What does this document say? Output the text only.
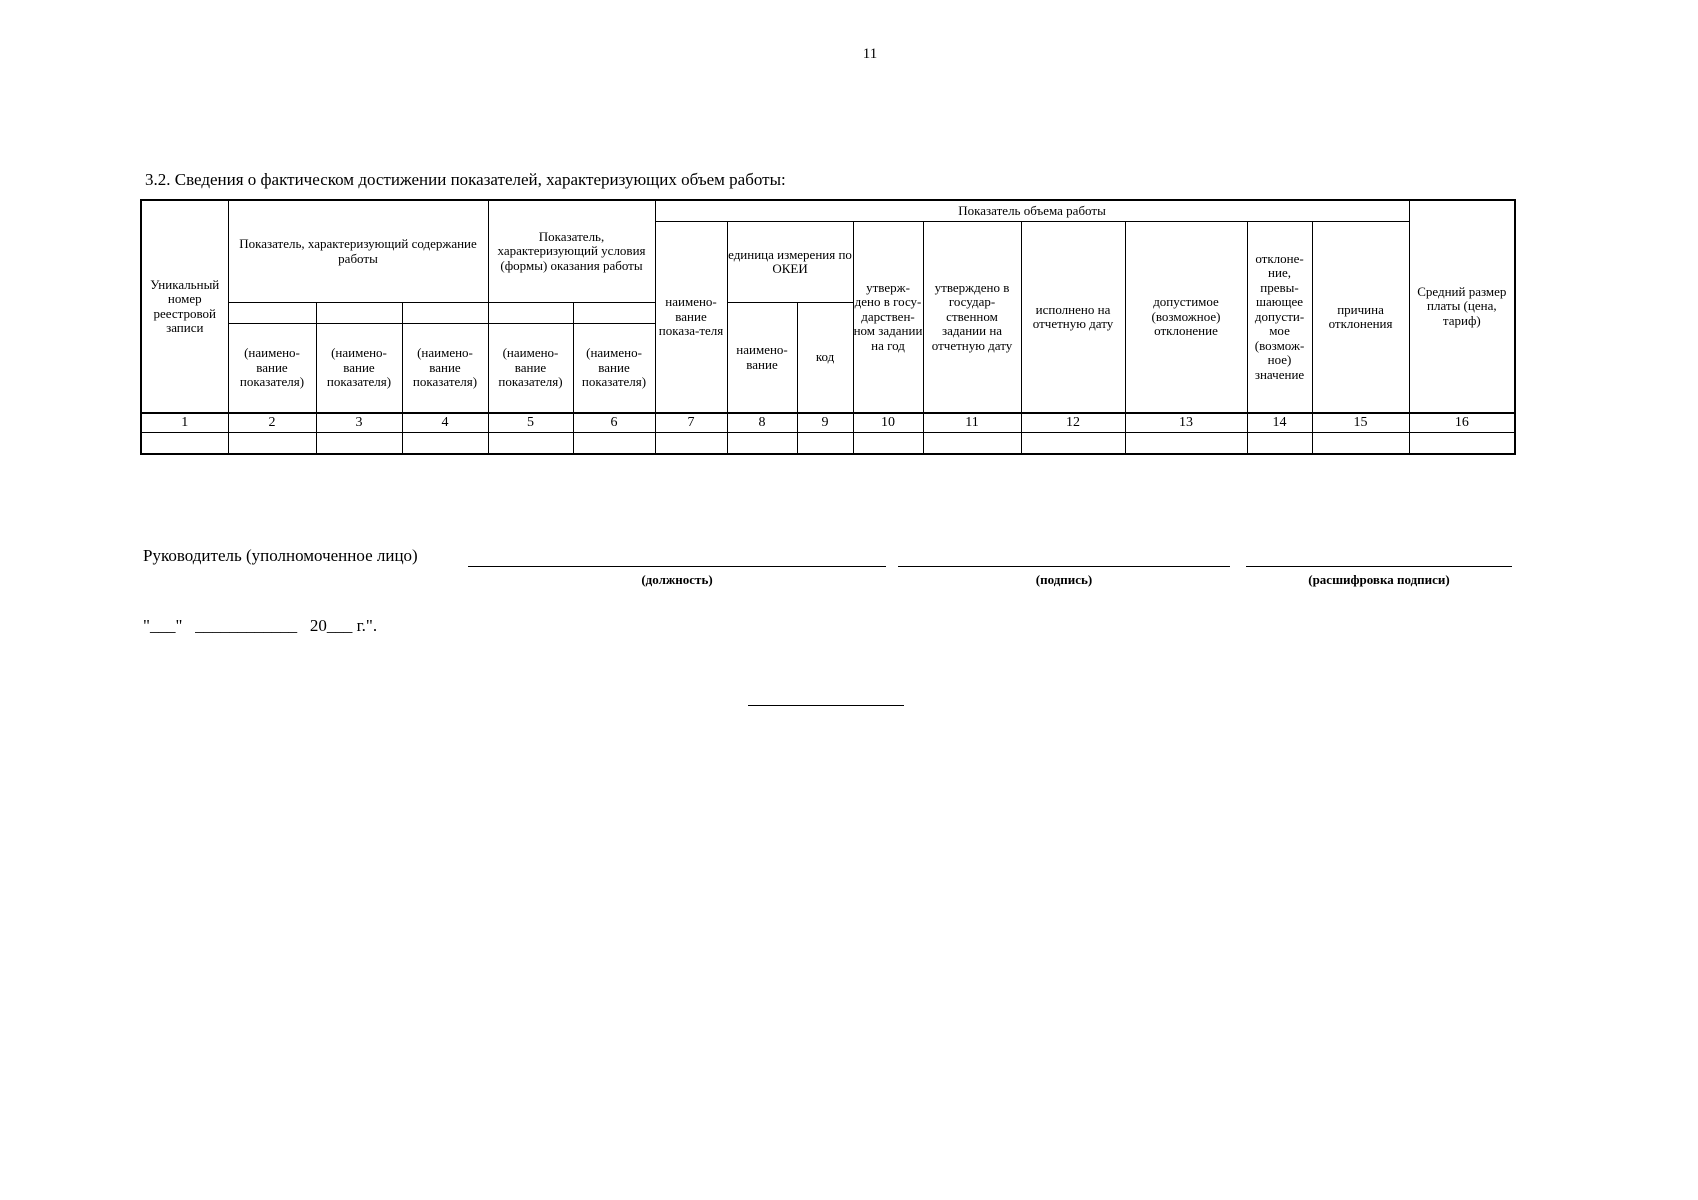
11
3.2. Сведения о фактическом достижении показателей, характеризующих объем работы:
Уникальный номер реестровой записи	Показатель, характеризующий содержание работы			Показатель, характеризующий условия (формы) оказания работы		Показатель объема работы									Средний размер платы (цена, тариф)
						наимено-вание показа-теля	единица измерения по ОКЕИ		утверж-дено в госу-дарствен-ном задании на год	утверждено в государ-ственном задании на отчетную дату	исполнено на отчетную дату	допустимое (возможное) отклонение	отклоне-ние, превы-шающее допусти-мое (возмож-ное) значение	причина отклонения	
							наимено-вание	код							
	(наимено-вание показателя)	(наимено-вание показателя)	(наимено-вание показателя)	(наимено-вание показателя)	(наимено-вание показателя)										
1	2	3	4	5	6	7	8	9	10	11	12	13	14	15	16

Руководитель (уполномоченное лицо)
(должность)	(подпись)	(расшифровка подписи)
"___"   ____________   20___ г.".
